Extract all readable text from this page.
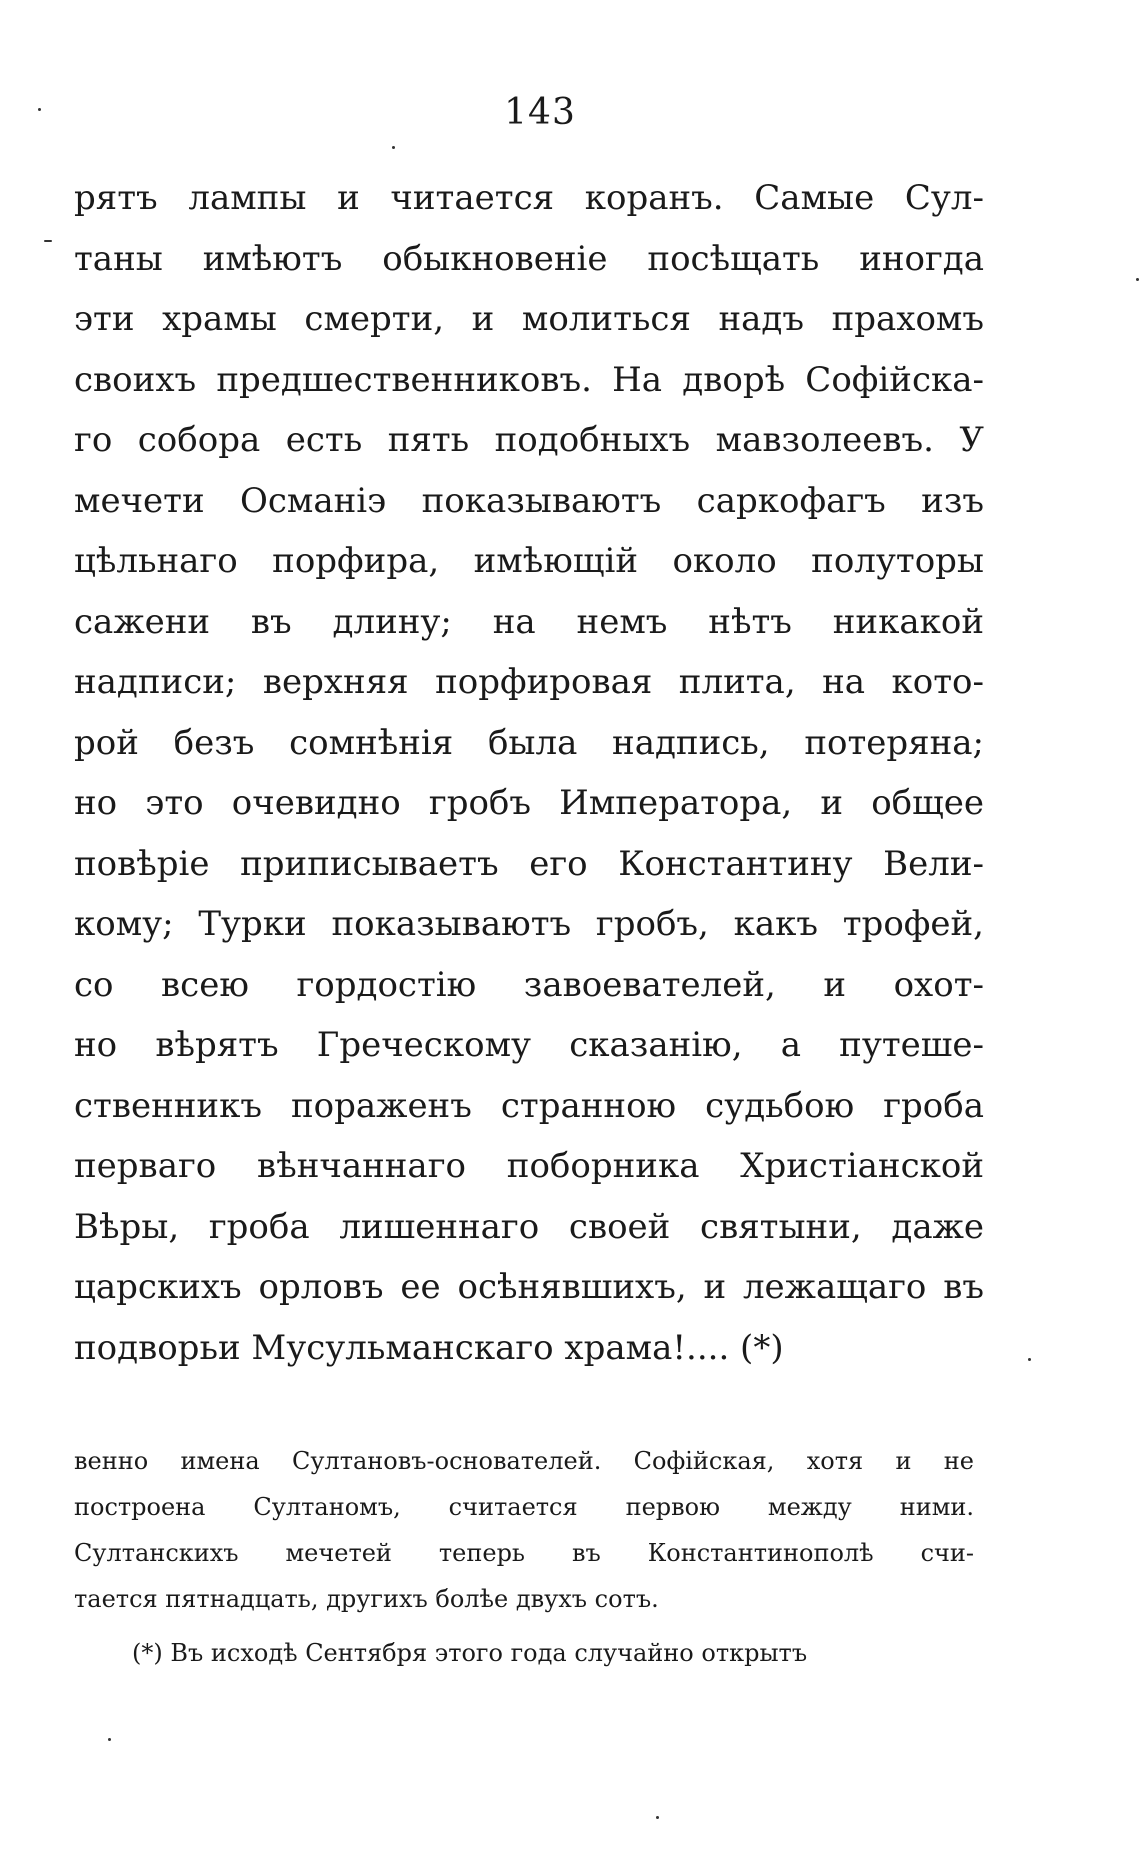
143
рятъ лампы и читается коранъ. Самые Сул-
таны имѣютъ обыкновеніе посѣщать иногда
эти храмы смерти, и молиться надъ прахомъ
своихъ предшественниковъ. На дворѣ Софійска-
го собора есть пять подобныхъ мавзолеевъ. У
мечети Османіэ показываютъ саркофагъ изъ
цѣльнаго порфира, имѣющій около полуторы
сажени въ длину; на немъ нѣтъ никакой
надписи; верхняя порфировая плита, на кото-
рой безъ сомнѣнія была надпись, потеряна;
но это очевидно гробъ Императора, и общее
повѣріе приписываетъ его Константину Вели-
кому; Турки показываютъ гробъ, какъ трофей,
со всею гордостію завоевателей, и охот-
но вѣрятъ Греческому сказанію, а путеше-
ственникъ пораженъ странною судьбою гроба
перваго вѣнчаннаго поборника Христіанской
Вѣры, гроба лишеннаго своей святыни, даже
царскихъ орловъ ее осѣнявшихъ, и лежащаго въ
подворьи Мусульманскаго храма!.... (*)
венно имена Султановъ-основателей. Софійская, хотя и не
построена Султаномъ, считается первою между ними.
Султанскихъ мечетей теперь въ Константинополѣ счи-
тается пятнадцать, другихъ болѣе двухъ сотъ.
(*) Въ исходѣ Сентября этого года случайно открытъ
